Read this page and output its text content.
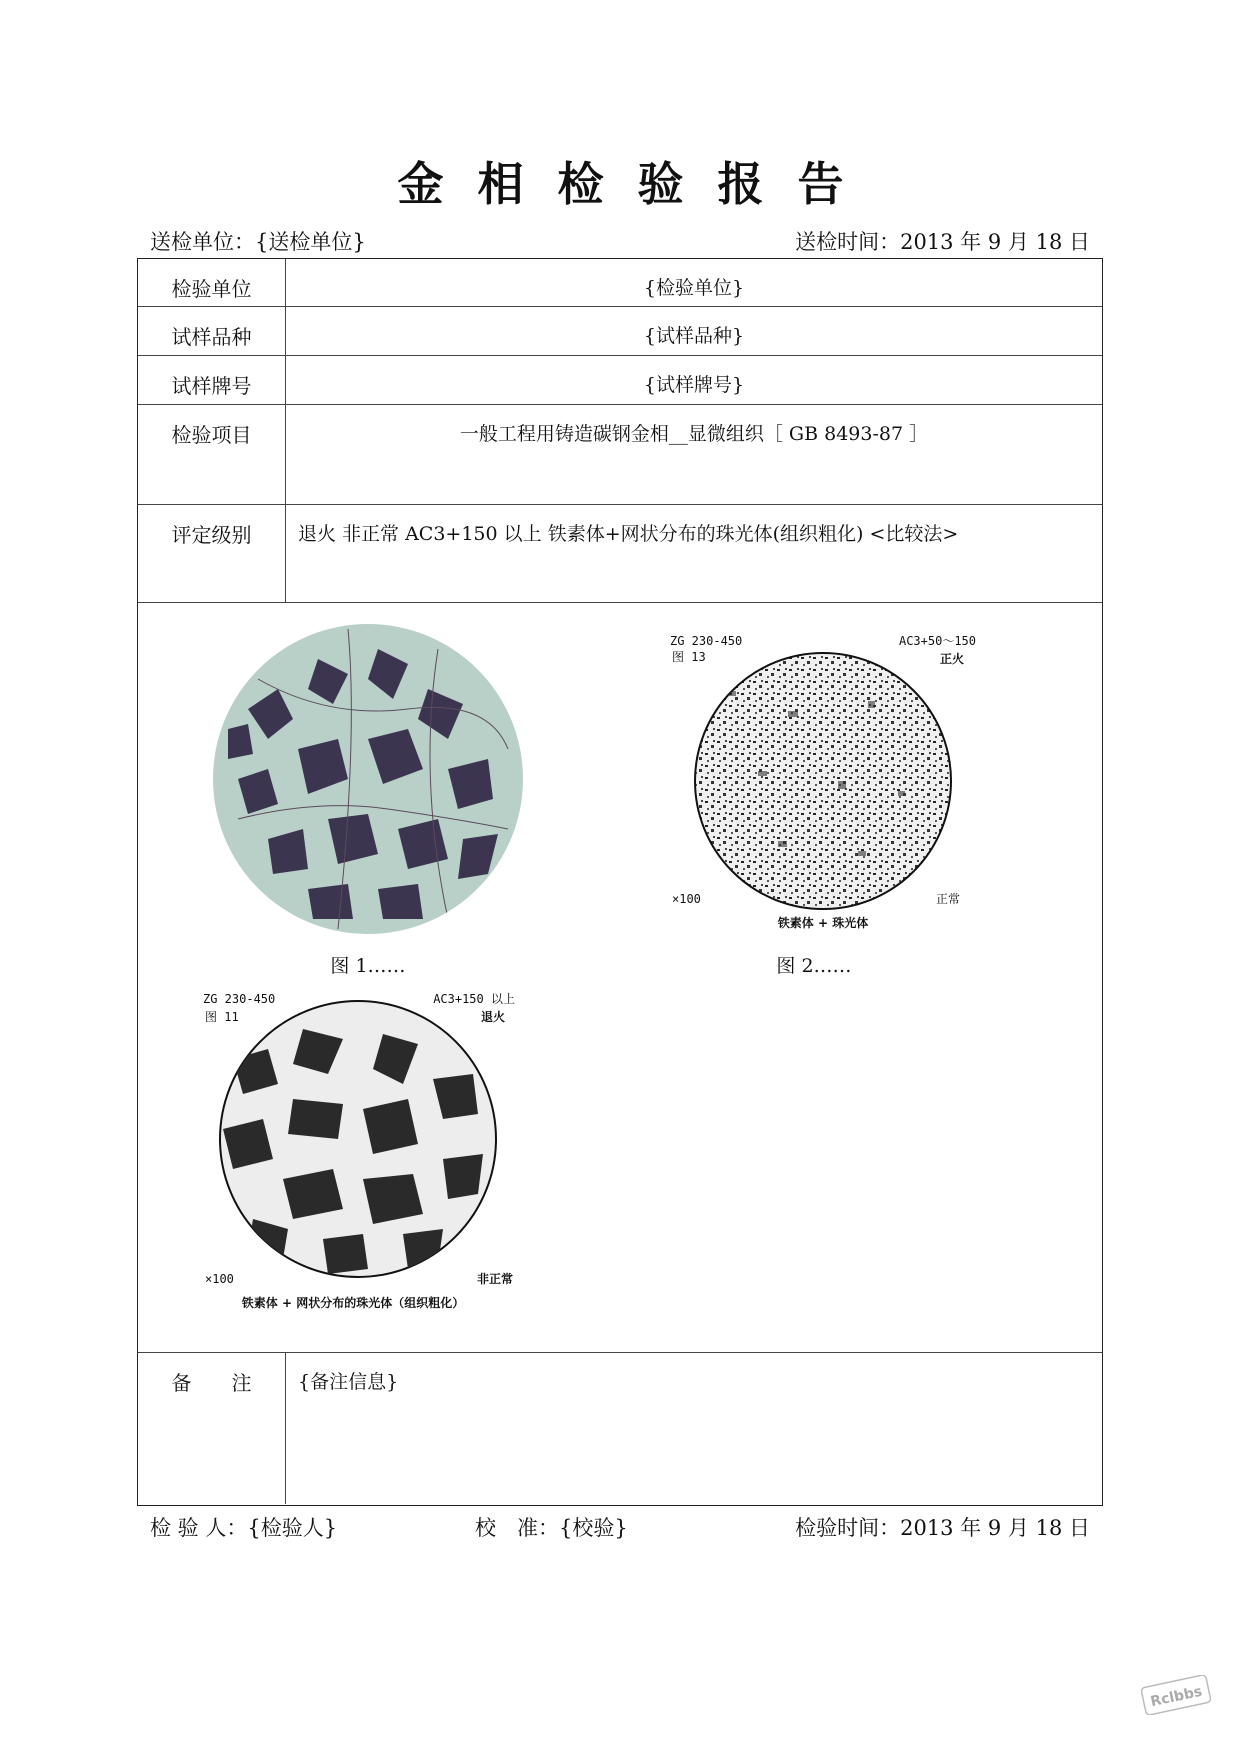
金相检验报告
送检单位：{送检单位}	送检时间：2013 年 9 月 18 日
检验单位	{检验单位}
试样品种	{试样品种}
试样牌号	{试样牌号}
检验项目	一般工程用铸造碳钢金相__显微组织［ GB 8493-87 ］
评定级别	退火 非正常 AC3+150 以上 铁素体+网状分布的珠光体(组织粗化) <比较法>
图 1……
ZG 230-450
图 13
AC3+50～150
正火
×100	正常
铁素体 + 珠光体
图 2……
ZG 230-450
图 11
AC3+150 以上
退火
×100	非正常
铁素体 + 网状分布的珠光体（组织粗化）
备　　注	{备注信息}
检 验 人：{检验人}	校　准：{校验}	检验时间：2013 年 9 月 18 日
Rclbbs
